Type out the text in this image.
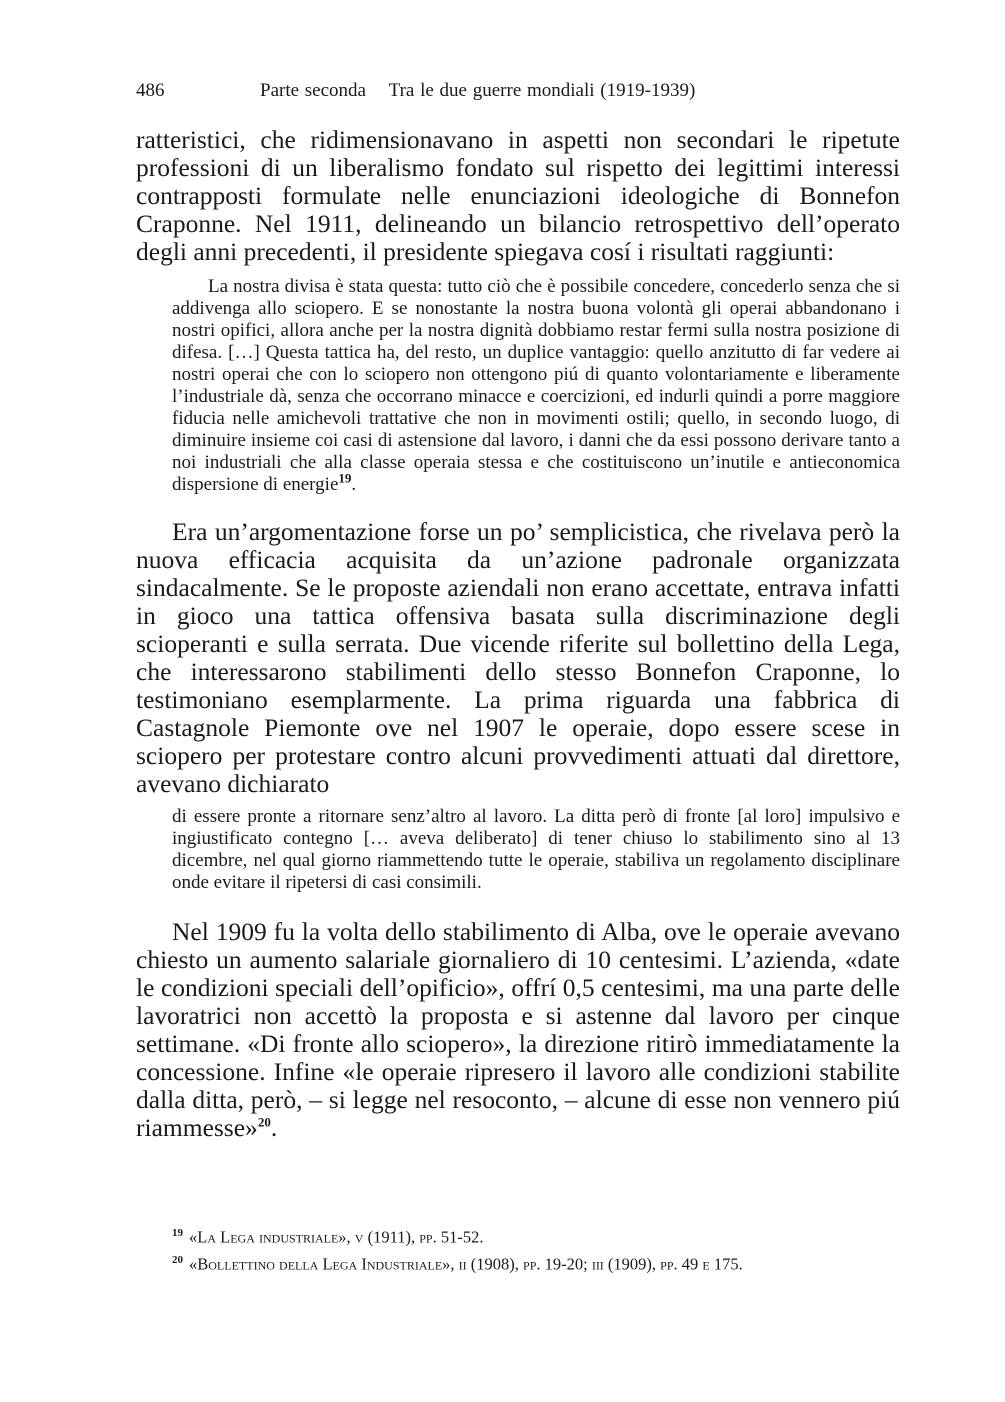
486	Parte seconda    Tra le due guerre mondiali (1919-1939)

ratteristici, che ridimensionavano in aspetti non secondari le ripetute professioni di un liberalismo fondato sul rispetto dei legittimi interessi contrapposti formulate nelle enunciazioni ideologiche di Bonnefon Craponne. Nel 1911, delineando un bilancio retrospettivo dell’operato degli anni precedenti, il presidente spiegava cosí i risultati raggiunti:

La nostra divisa è stata questa: tutto ciò che è possibile concedere, concederlo senza che si addivenga allo sciopero. E se nonostante la nostra buona volontà gli operai abbandonano i nostri opifici, allora anche per la nostra dignità dobbiamo restar fermi sulla nostra posizione di difesa. […] Questa tattica ha, del resto, un duplice vantaggio: quello anzitutto di far vedere ai nostri operai che con lo sciopero non ottengono piú di quanto volontariamente e liberamente l’industriale dà, senza che occorrano minacce e coercizioni, ed indurli quindi a porre maggiore fiducia nelle amichevoli trattative che non in movimenti ostili; quello, in secondo luogo, di diminuire insieme coi casi di astensione dal lavoro, i danni che da essi possono derivare tanto a noi industriali che alla classe operaia stessa e che costituiscono un’inutile e antieconomica dispersione di energie$^{19}$.

Era un’argomentazione forse un po’ semplicistica, che rivelava però la nuova efficacia acquisita da un’azione padronale organizzata sindacalmente. Se le proposte aziendali non erano accettate, entrava infatti in gioco una tattica offensiva basata sulla discriminazione degli scioperanti e sulla serrata. Due vicende riferite sul bollettino della Lega, che interessarono stabilimenti dello stesso Bonnefon Craponne, lo testimoniano esemplarmente. La prima riguarda una fabbrica di Castagnole Piemonte ove nel 1907 le operaie, dopo essere scese in sciopero per protestare contro alcuni provvedimenti attuati dal direttore, avevano dichiarato

di essere pronte a ritornare senz’altro al lavoro. La ditta però di fronte [al loro] impulsivo e ingiustificato contegno [… aveva deliberato] di tener chiuso lo stabilimento sino al 13 dicembre, nel qual giorno riammettendo tutte le operaie, stabiliva un regolamento disciplinare onde evitare il ripetersi di casi consimili.

Nel 1909 fu la volta dello stabilimento di Alba, ove le operaie avevano chiesto un aumento salariale giornaliero di 10 centesimi. L’azienda, «date le condizioni speciali dell’opificio», offrí 0,5 centesimi, ma una parte delle lavoratrici non accettò la proposta e si astenne dal lavoro per cinque settimane. «Di fronte allo sciopero», la direzione ritirò immediatamente la concessione. Infine «le operaie ripresero il lavoro alle condizioni stabilite dalla ditta, però, – si legge nel resoconto, – alcune di esse non vennero piú riammesse»$^{20}$.

$^{19}$ «La Lega industriale», v (1911), pp. 51-52.

$^{20}$ «Bollettino della Lega Industriale», ii (1908), pp. 19-20; iii (1909), pp. 49 e 175.
